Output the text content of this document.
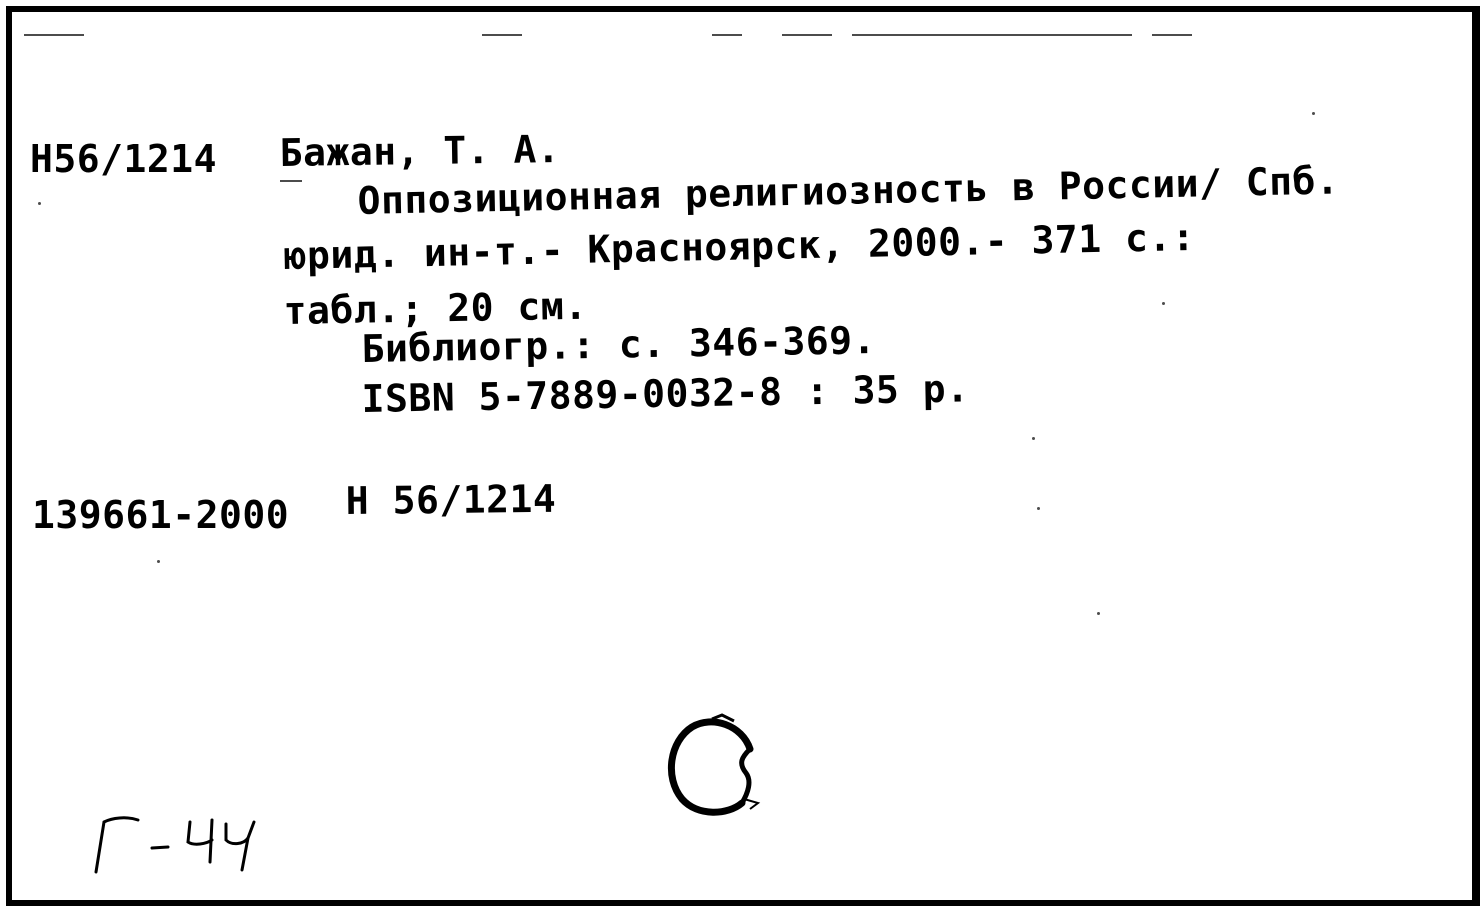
H56/1214 Бажан, Т. А.
Оппозиционная религиозность в России/ Спб.
юрид. ин-т.- Красноярск, 2000.- 371 с.:
табл.; 20 см.
Библиогр.: с. 346-369.
ISBN 5-7889-0032-8 : 35 р.
139661-2000 Н 56/1214
